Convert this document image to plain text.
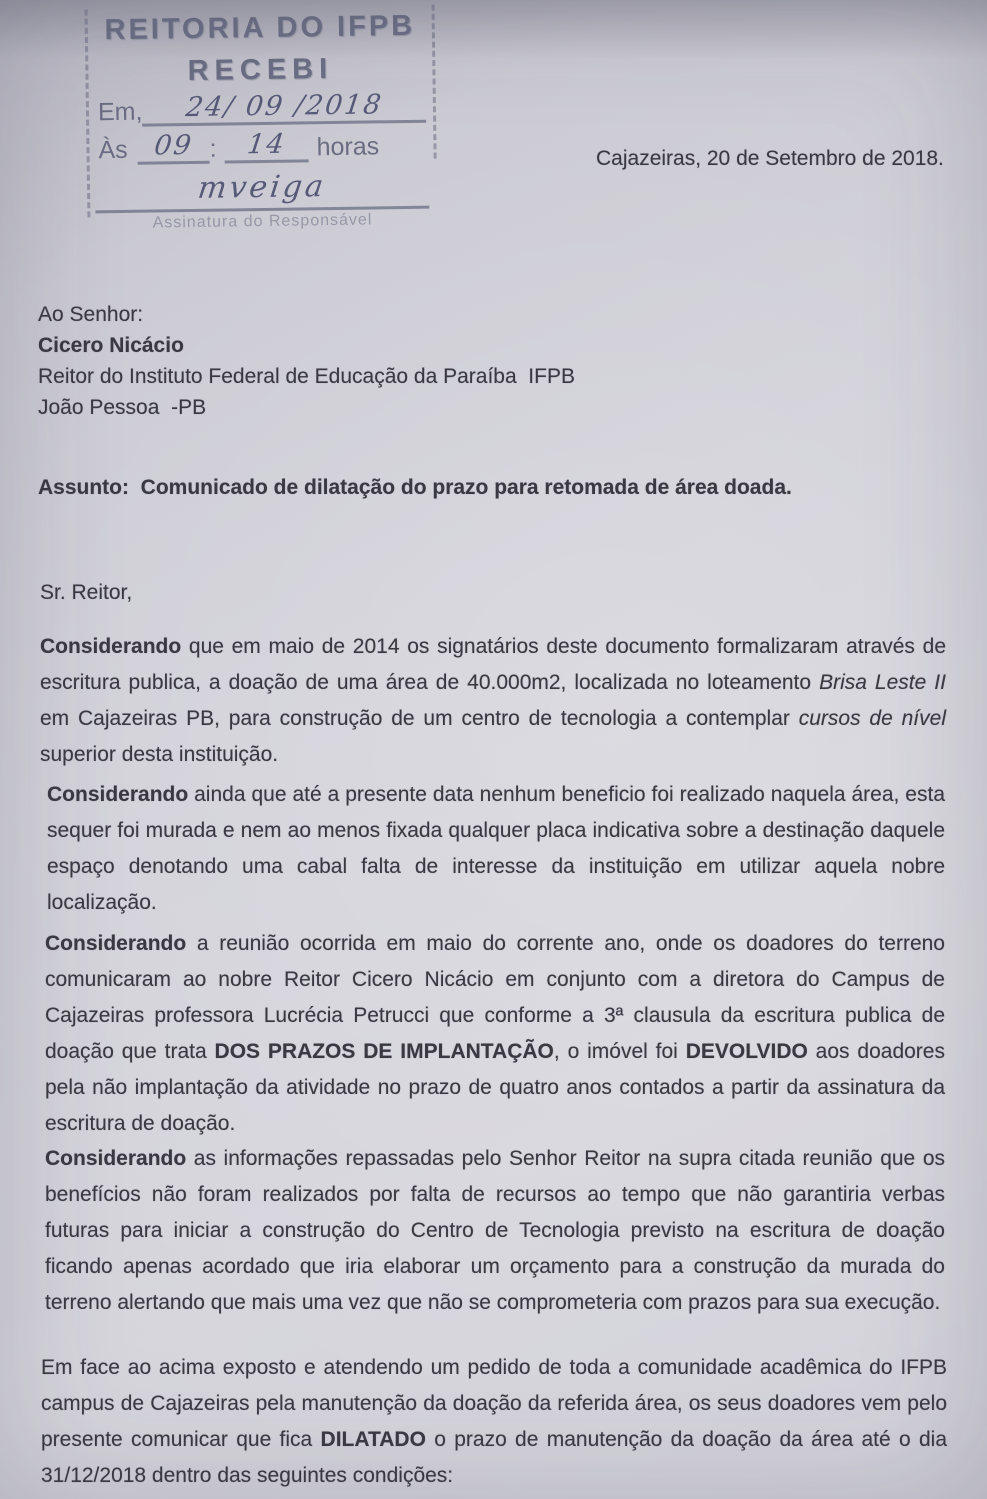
REITORIA DO IFPB
RECEBI
Em,	24/ 09 /2018
Às 09 :	14	horas
mveiga
Assinatura do Responsável
Cajazeiras, 20 de Setembro de 2018.
Ao Senhor:
Cicero Nicácio
Reitor do Instituto Federal de Educação da Paraíba  IFPB
João Pessoa  -PB
Assunto:  Comunicado de dilatação do prazo para retomada de área doada.
Sr. Reitor,
Considerando que em maio de 2014 os signatários deste documento formalizaram através de escritura publica, a doação de uma área de 40.000m2, localizada no loteamento Brisa Leste II em Cajazeiras PB, para construção de um centro de tecnologia a contemplar cursos de nível superior desta instituição.
Considerando ainda que até a presente data nenhum beneficio foi realizado naquela área, esta sequer foi murada e nem ao menos fixada qualquer placa indicativa sobre a destinação daquele espaço denotando uma cabal falta de interesse da instituição em utilizar aquela nobre localização.
Considerando a reunião ocorrida em maio do corrente ano, onde os doadores do terreno comunicaram ao nobre Reitor Cicero Nicácio em conjunto com a diretora do Campus de Cajazeiras professora Lucrécia Petrucci que conforme a 3ª clausula da escritura publica de doação que trata DOS PRAZOS DE IMPLANTAÇÃO, o imóvel foi DEVOLVIDO aos doadores pela não implantação da atividade no prazo de quatro anos contados a partir da assinatura da escritura de doação.
Considerando as informações repassadas pelo Senhor Reitor na supra citada reunião que os benefícios não foram realizados por falta de recursos ao tempo que não garantiria verbas futuras para iniciar a construção do Centro de Tecnologia previsto na escritura de doação ficando apenas acordado que iria elaborar um orçamento para a construção da murada do terreno alertando que mais uma vez que não se comprometeria com prazos para sua execução.
Em face ao acima exposto e atendendo um pedido de toda a comunidade acadêmica do IFPB campus de Cajazeiras pela manutenção da doação da referida área, os seus doadores vem pelo presente comunicar que fica DILATADO o prazo de manutenção da doação da área até o dia 31/12/2018 dentro das seguintes condições:
